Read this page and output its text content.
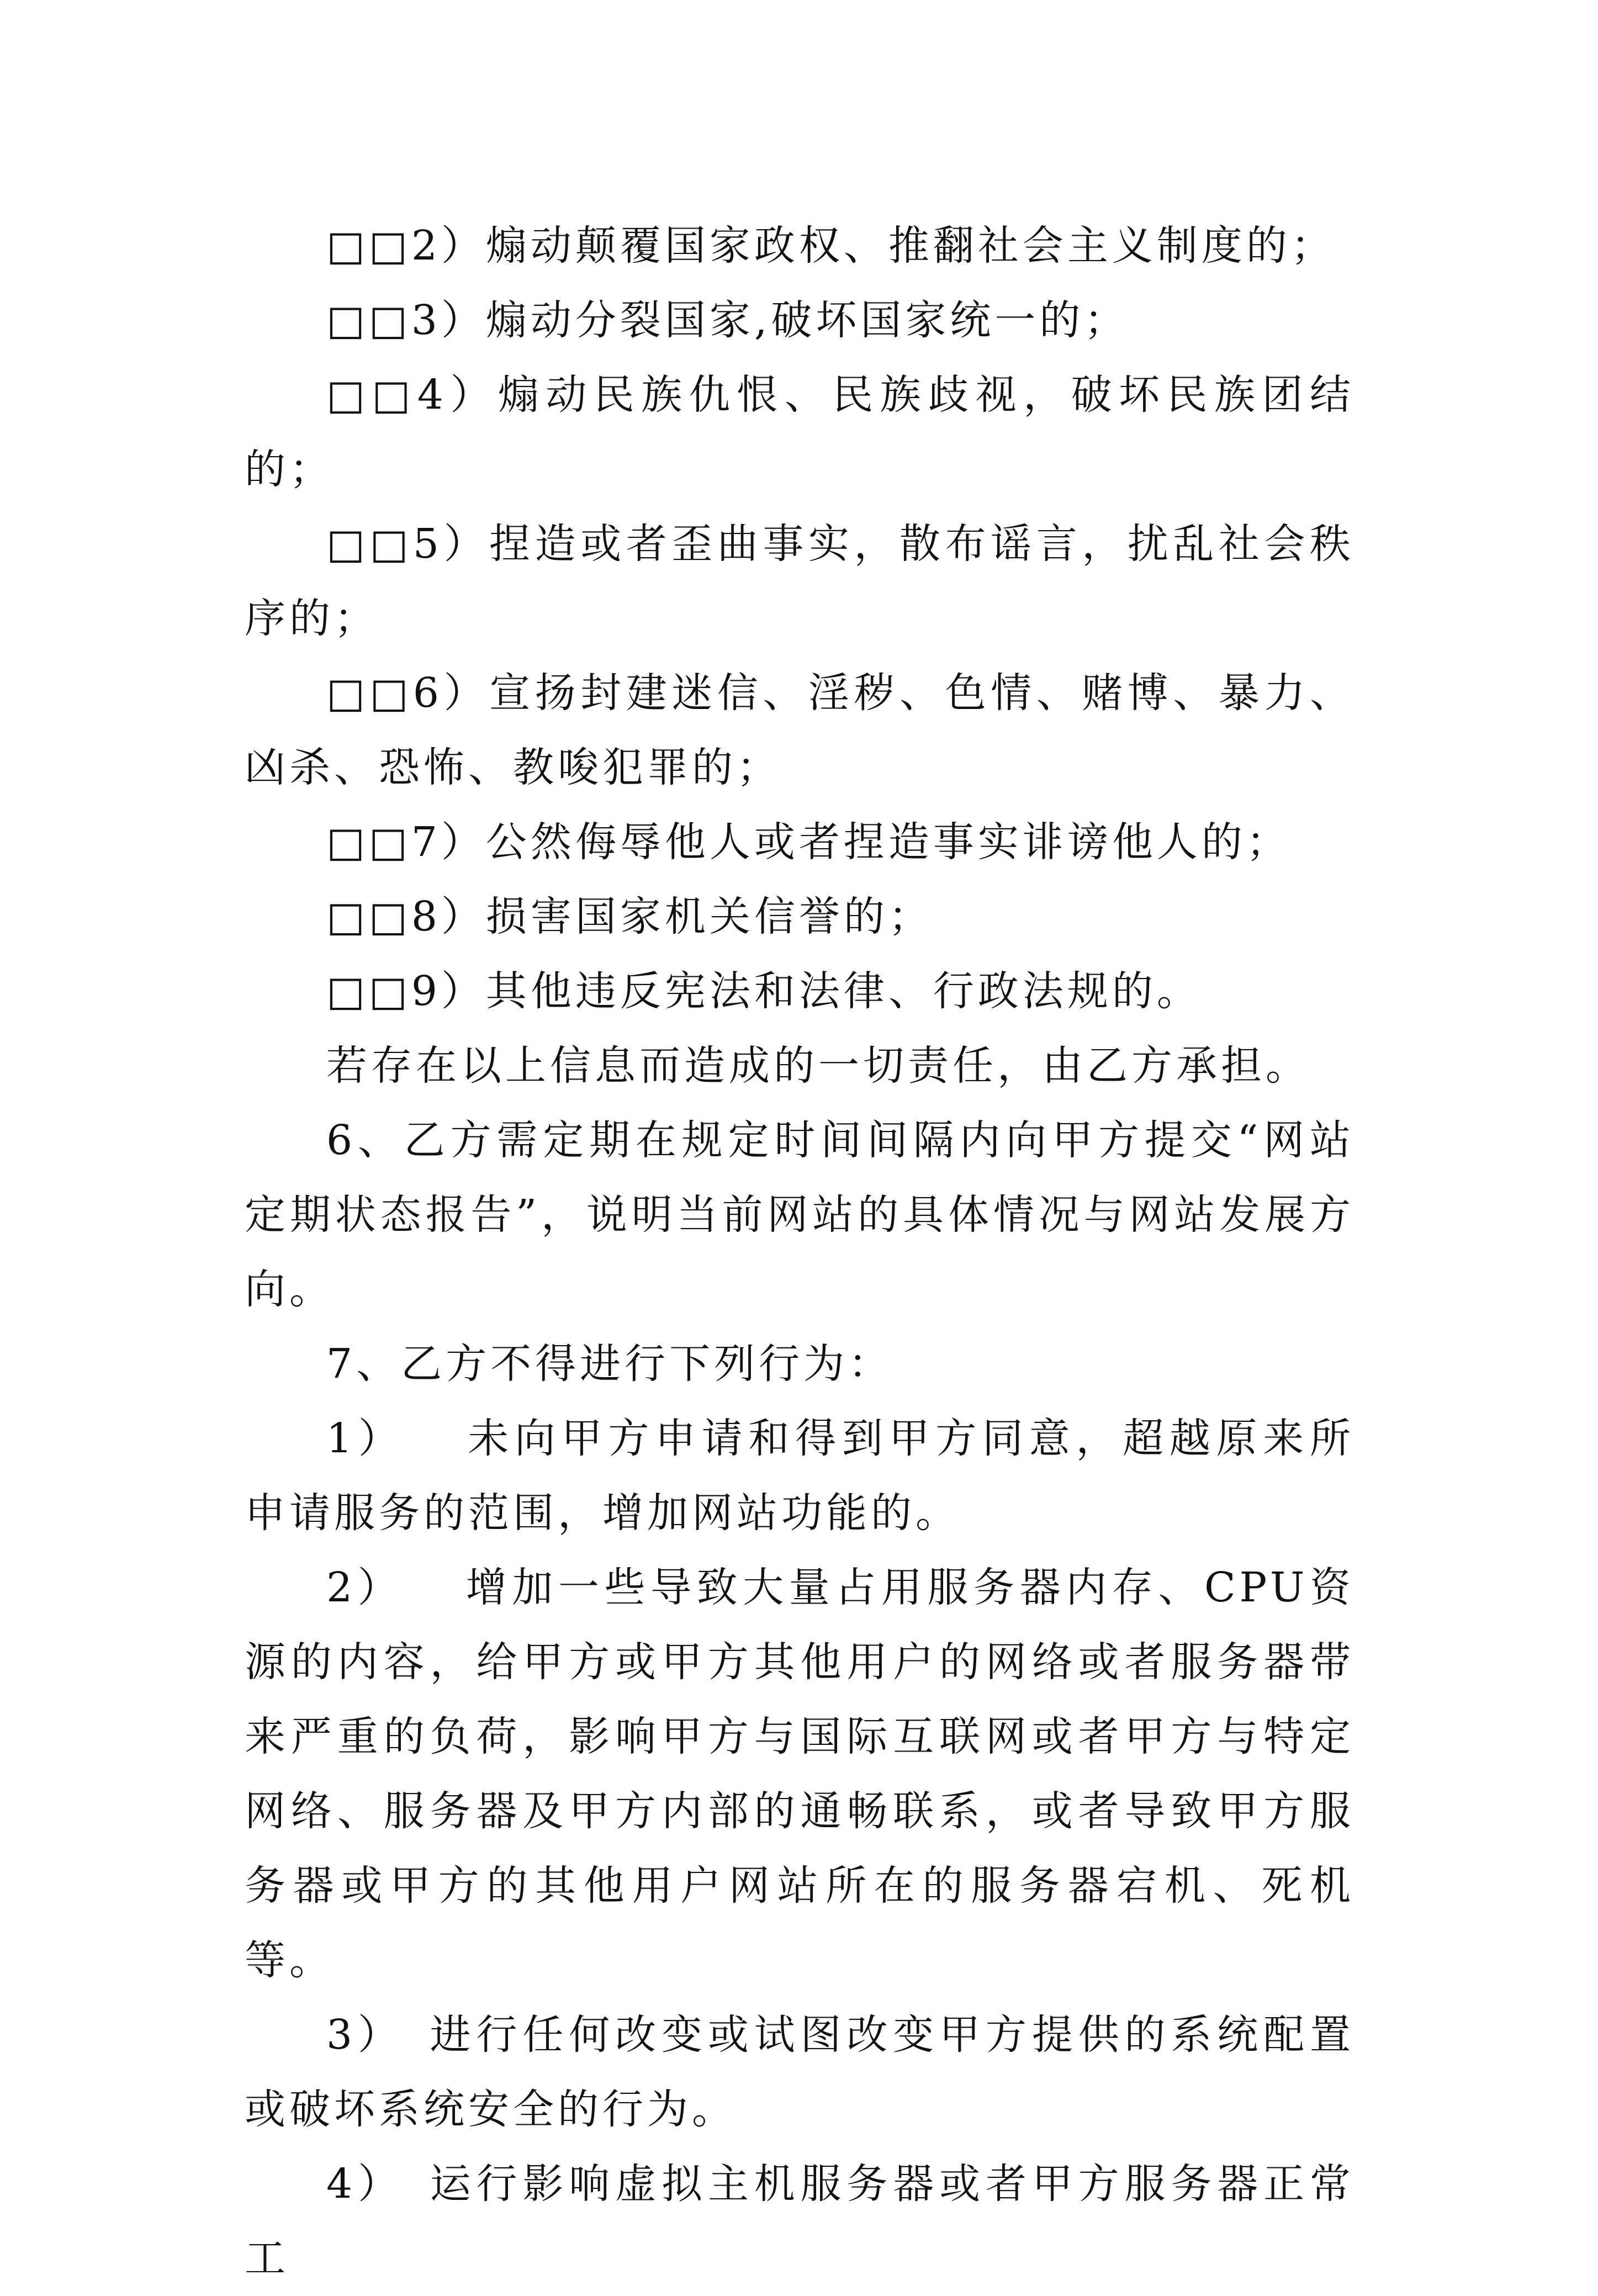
□□2）煽动颠覆国家政权、推翻社会主义制度的；

□□3）煽动分裂国家,破坏国家统一的；

□□4）煽动民族仇恨、民族歧视，破坏民族团结的；

□□5）捏造或者歪曲事实，散布谣言，扰乱社会秩序的；

□□6）宣扬封建迷信、淫秽、色情、赌博、暴力、凶杀、恐怖、教唆犯罪的；

□□7）公然侮辱他人或者捏造事实诽谤他人的；

□□8）损害国家机关信誉的；

□□9）其他违反宪法和法律、行政法规的。

若存在以上信息而造成的一切责任，由乙方承担。

6、乙方需定期在规定时间间隔内向甲方提交“网站定期状态报告”，说明当前网站的具体情况与网站发展方向。

7、乙方不得进行下列行为：

1） 未向甲方申请和得到甲方同意，超越原来所申请服务的范围，增加网站功能的。

2） 增加一些导致大量占用服务器内存、CPU资源的内容，给甲方或甲方其他用户的网络或者服务器带来严重的负荷，影响甲方与国际互联网或者甲方与特定网络、服务器及甲方内部的通畅联系，或者导致甲方服务器或甲方的其他用户网站所在的服务器宕机、死机等。

3） 进行任何改变或试图改变甲方提供的系统配置或破坏系统安全的行为。

4） 运行影响虚拟主机服务器或者甲方服务器正常工
